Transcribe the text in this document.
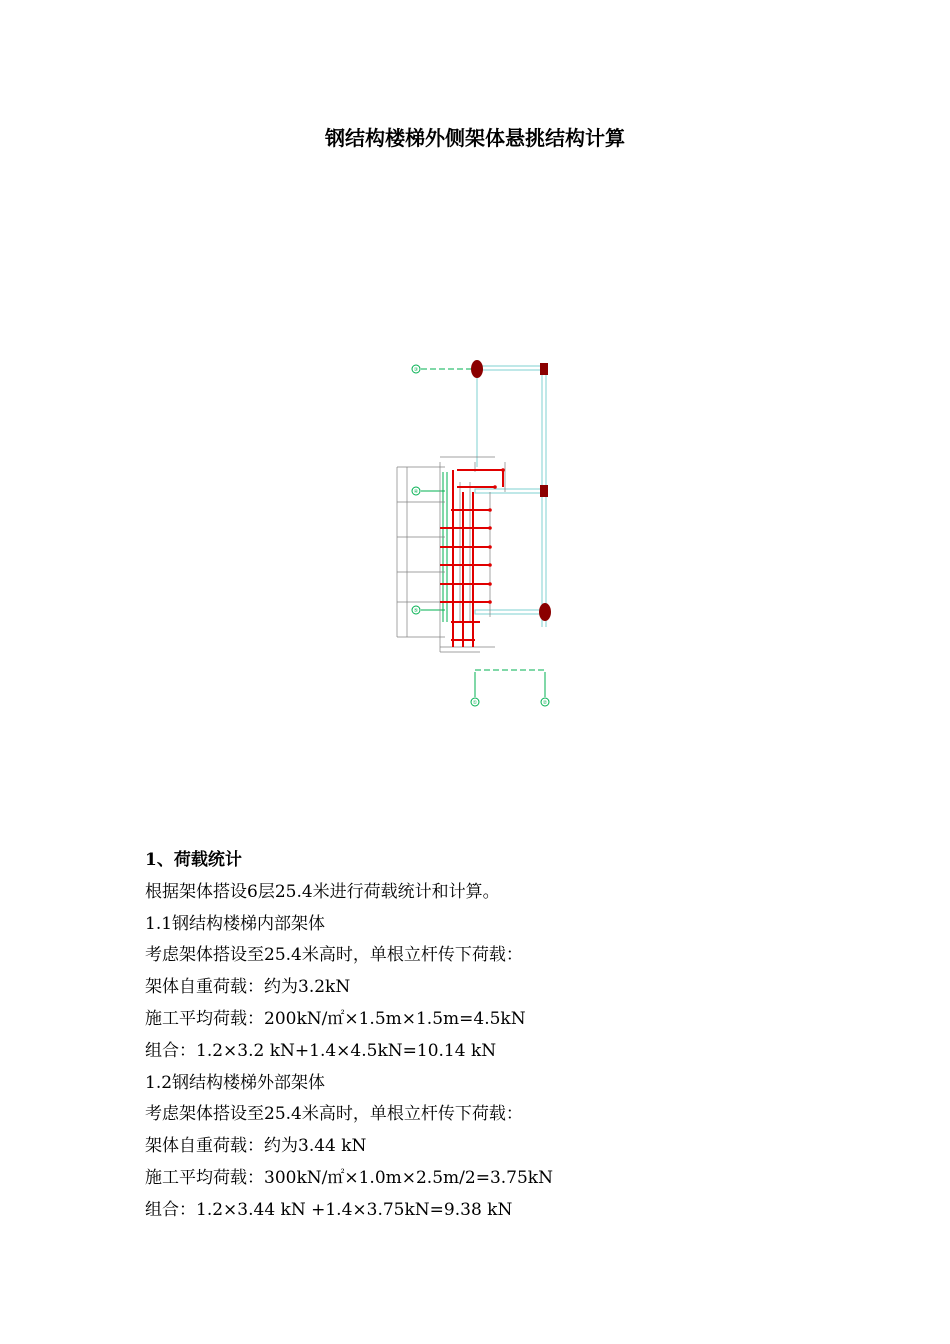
钢结构楼梯外侧架体悬挑结构计算
③
④
⑤
①	②
1、荷载统计
根据架体搭设6层25.4米进行荷载统计和计算。
1.1钢结构楼梯内部架体
考虑架体搭设至25.4米高时，单根立杆传下荷载：
架体自重荷载：约为3.2kN
施工平均荷载：200kN/㎡×1.5m×1.5m=4.5kN
组合：1.2×3.2 kN+1.4×4.5kN=10.14 kN
1.2钢结构楼梯外部架体
考虑架体搭设至25.4米高时，单根立杆传下荷载：
架体自重荷载：约为3.44 kN
施工平均荷载：300kN/㎡×1.0m×2.5m/2=3.75kN
组合：1.2×3.44 kN +1.4×3.75kN=9.38 kN
